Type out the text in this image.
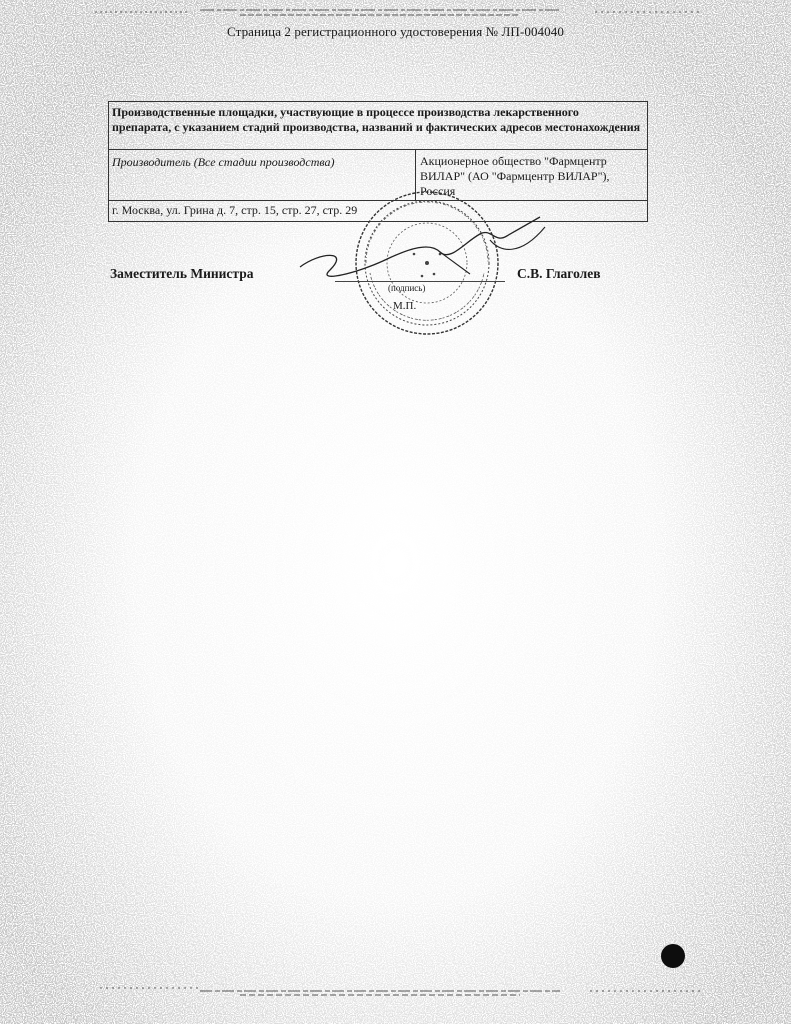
Страница 2 регистрационного удостоверения № ЛП-004040
Производственные площадки, участвующие в процессе производства лекарственного препарата, с указанием стадий производства, названий и фактических адресов местонахождения
Производитель (Все стадии производства)	Акционерное общество "Фармцентр
ВИЛАР" (АО "Фармцентр ВИЛАР"),
Россия
г. Москва, ул. Грина д. 7, стр. 15, стр. 27, стр. 29
Заместитель Министра
(подпись)
М.П.
С.В. Глаголев
